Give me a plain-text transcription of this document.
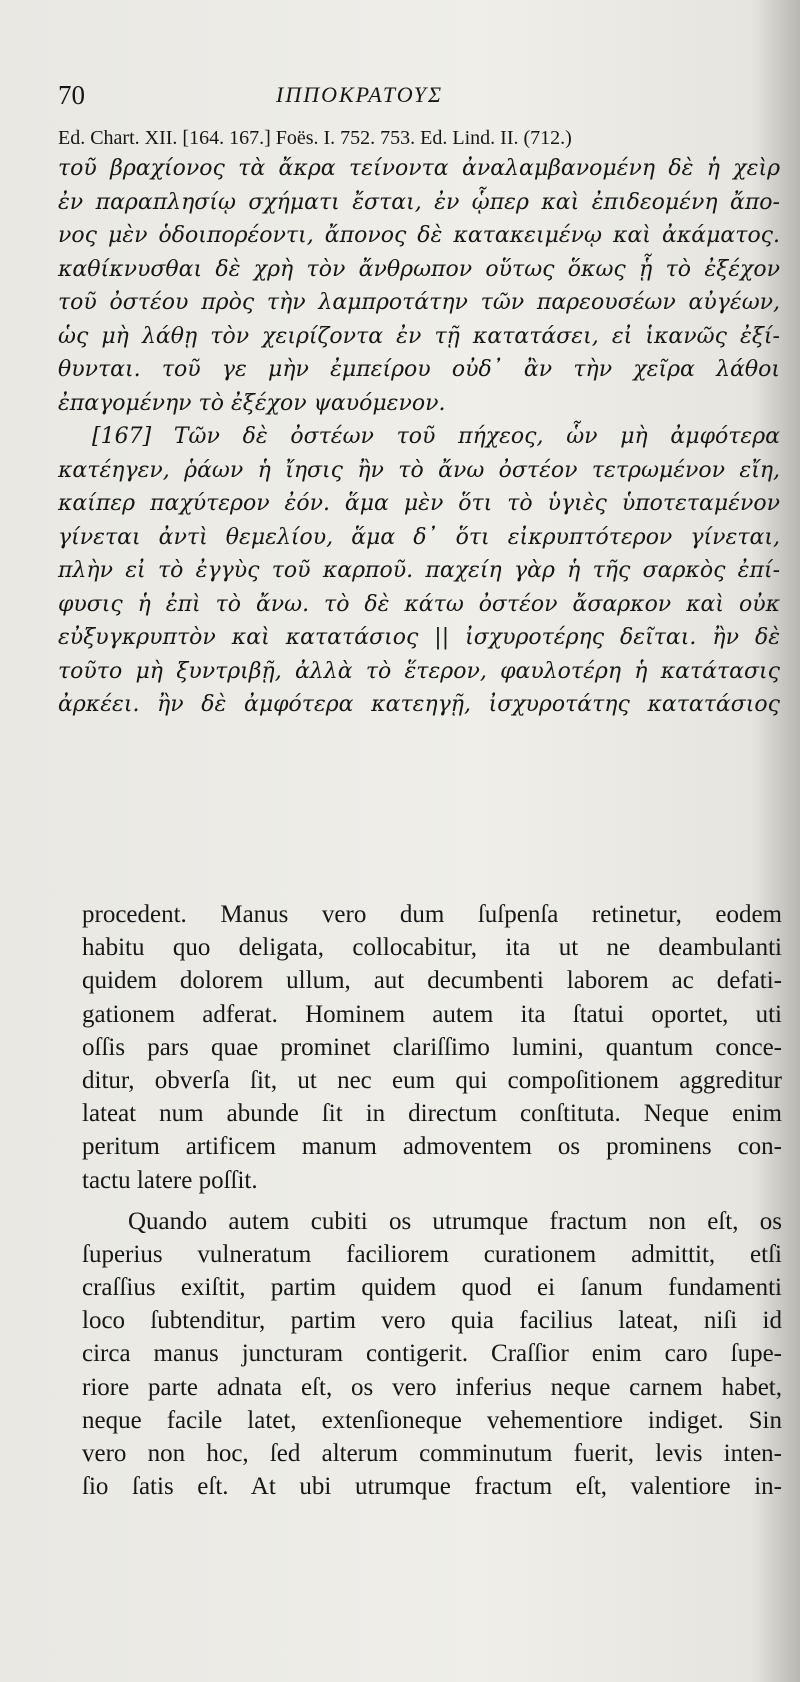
70	ΙΠΠΟΚΡΑΤΟΥΣ
Ed. Chart. XII. [164. 167.] Foës. I. 752. 753. Ed. Lind. II. (712.)
τοῦ βραχίονος τὰ ἄκρα τείνοντα ἀναλαμβανομένη δὲ ἡ χεὶρ
ἐν παραπλησίῳ σχήματι ἔσται, ἐν ᾧπερ καὶ ἐπιδεομένη ἄπο-
νος μὲν ὁδοιπορέοντι, ἄπονος δὲ κατακειμένῳ καὶ ἀκάματος.
καθίκνυσθαι δὲ χρὴ τὸν ἄνθρωπον οὕτως ὅκως ᾗ τὸ ἐξέχον
τοῦ ὀστέου πρὸς τὴν λαμπροτάτην τῶν παρεουσέων αὐγέων,
ὡς μὴ λάθῃ τὸν χειρίζοντα ἐν τῇ κατατάσει, εἰ ἱκανῶς ἐξί-
θυνται. τοῦ γε μὴν ἐμπείρου οὐδ᾽ ἂν τὴν χεῖρα λάθοι
ἐπαγομένην τὸ ἐξέχον ψαυόμενον.
[167] Τῶν δὲ ὀστέων τοῦ πήχεος, ὧν μὴ ἀμφότερα
κατέηγεν, ῥάων ἡ ἴησις ἢν τὸ ἄνω ὀστέον τετρωμένον εἴη,
καίπερ παχύτερον ἐόν. ἅμα μὲν ὅτι τὸ ὑγιὲς ὑποτεταμένον
γίνεται ἀντὶ θεμελίου, ἅμα δ᾽ ὅτι εἰκρυπτότερον γίνεται,
πλὴν εἰ τὸ ἐγγὺς τοῦ καρποῦ. παχείη γὰρ ἡ τῆς σαρκὸς ἐπί-
φυσις ἡ ἐπὶ τὸ ἄνω. τὸ δὲ κάτω ὀστέον ἄσαρκον καὶ οὐκ
εὐξυγκρυπτὸν καὶ κατατάσιος || ἰσχυροτέρης δεῖται. ἢν δὲ
τοῦτο μὴ ξυντριβῇ, ἀλλὰ τὸ ἕτερον, φαυλοτέρη ἡ κατάτασις
ἀρκέει. ἢν δὲ ἀμφότερα κατεηγῇ, ἰσχυροτάτης κατατάσιος
procedent. Manus vero dum ſuſpenſa retinetur, eodem
habitu quo deligata, collocabitur, ita ut ne deambulanti
quidem dolorem ullum, aut decumbenti laborem ac defati-
gationem adferat. Hominem autem ita ſtatui oportet, uti
oſſis pars quae prominet clariſſimo lumini, quantum conce-
ditur, obverſa ſit, ut nec eum qui compoſitionem aggreditur
lateat num abunde ſit in directum conſtituta. Neque enim
peritum artificem manum admoventem os prominens con-
tactu latere poſſit.
Quando autem cubiti os utrumque fractum non eſt, os
ſuperius vulneratum faciliorem curationem admittit, etſi
craſſius exiſtit, partim quidem quod ei ſanum fundamenti
loco ſubtenditur, partim vero quia facilius lateat, niſi id
circa manus juncturam contigerit. Craſſior enim caro ſupe-
riore parte adnata eſt, os vero inferius neque carnem habet,
neque facile latet, extenſioneque vehementiore indiget. Sin
vero non hoc, ſed alterum comminutum fuerit, levis inten-
ſio ſatis eſt. At ubi utrumque fractum eſt, valentiore in-
